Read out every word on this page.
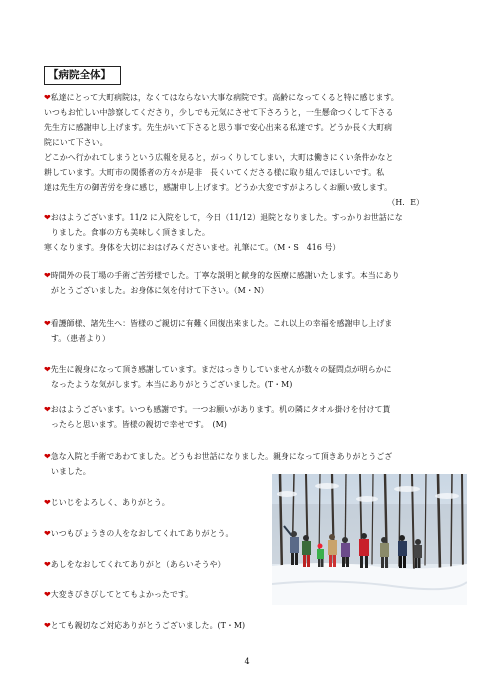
【病院全体】

❤私達にとって大町病院は，なくてはならない大事な病院です。高齢になってくると特に感じます。

いつもお忙しい中診察してくださり，少しでも元気にさせて下さろうと，一生懸命つくして下さる

先生方に感謝申し上げます。先生がいて下さると思う事で安心出来る私達です。どうか長く大町病

院にいて下さい。

どこかへ行かれてしまうという広報を見ると，がっくりしてしまい，大町は働きにくい条件かなと

耕しています。大町市の関係者の方々が是非　長くいてくださる様に取り組んでほしいです。私

達は先生方の御苦労を身に感じ，感謝申し上げます。どうか大変ですがよろしくお願い致します。

（H．E）

❤おはようございます。11/2 に入院をして，今日（11/12）退院となりました。すっかりお世話にな

りました。食事の方も美味しく頂きました。

寒くなります。身体を大切におはげみくださいませ。礼筆にて。（M・S　416 号）

❤時間外の長丁場の手術ご苦労様でした。丁寧な説明と献身的な医療に感謝いたします。本当にあり

がとうございました。お身体に気を付けて下さい。（M・N）

❤看護師様、諸先生へ：皆様のご親切に有難く回復出来ました。これ以上の幸福を感謝申し上げま

す。（患者より）

❤先生に親身になって頂き感謝しています。まだはっきりしていませんが数々の疑問点が明らかに

なったような気がします。本当にありがとうございました。(T・M)

❤おはようございます。いつも感謝です。一つお願いがあります。机の隣にタオル掛けを付けて貰

ったらと思います。皆様の親切で幸せです。　(M)

❤急な入院と手術であわてました。どうもお世話になりました。親身になって頂きありがとうござ

いました。

❤じいじをよろしく、ありがとう。

❤いつもびょうきの人をなおしてくれてありがとう。

❤あしをなおしてくれてありがと（あらいそうや）

❤大変きびきびしてとてもよかったです。

❤とても親切なご対応ありがとうございました。(T・M)

4
